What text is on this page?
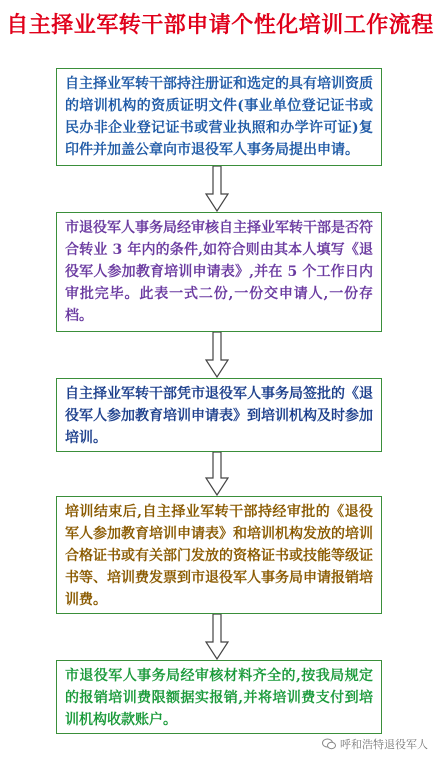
自主择业军转干部申请个性化培训工作流程
自主择业军转干部持注册证和选定的具有培训资质的培训机构的资质证明文件(事业单位登记证书或民办非企业登记证书或营业执照和办学许可证)复印件并加盖公章向市退役军人事务局提出申请。
市退役军人事务局经审核自主择业军转干部是否符合转业 3 年内的条件,如符合则由其本人填写《退役军人参加教育培训申请表》,并在 5 个工作日内审批完毕。此表一式二份,一份交申请人,一份存档。
自主择业军转干部凭市退役军人事务局签批的《退役军人参加教育培训申请表》到培训机构及时参加培训。
培训结束后,自主择业军转干部持经审批的《退役军人参加教育培训申请表》和培训机构发放的培训合格证书或有关部门发放的资格证书或技能等级证书等、培训费发票到市退役军人事务局申请报销培训费。
市退役军人事务局经审核材料齐全的,按我局规定的报销培训费限额据实报销,并将培训费支付到培训机构收款账户。
呼和浩特退役军人
